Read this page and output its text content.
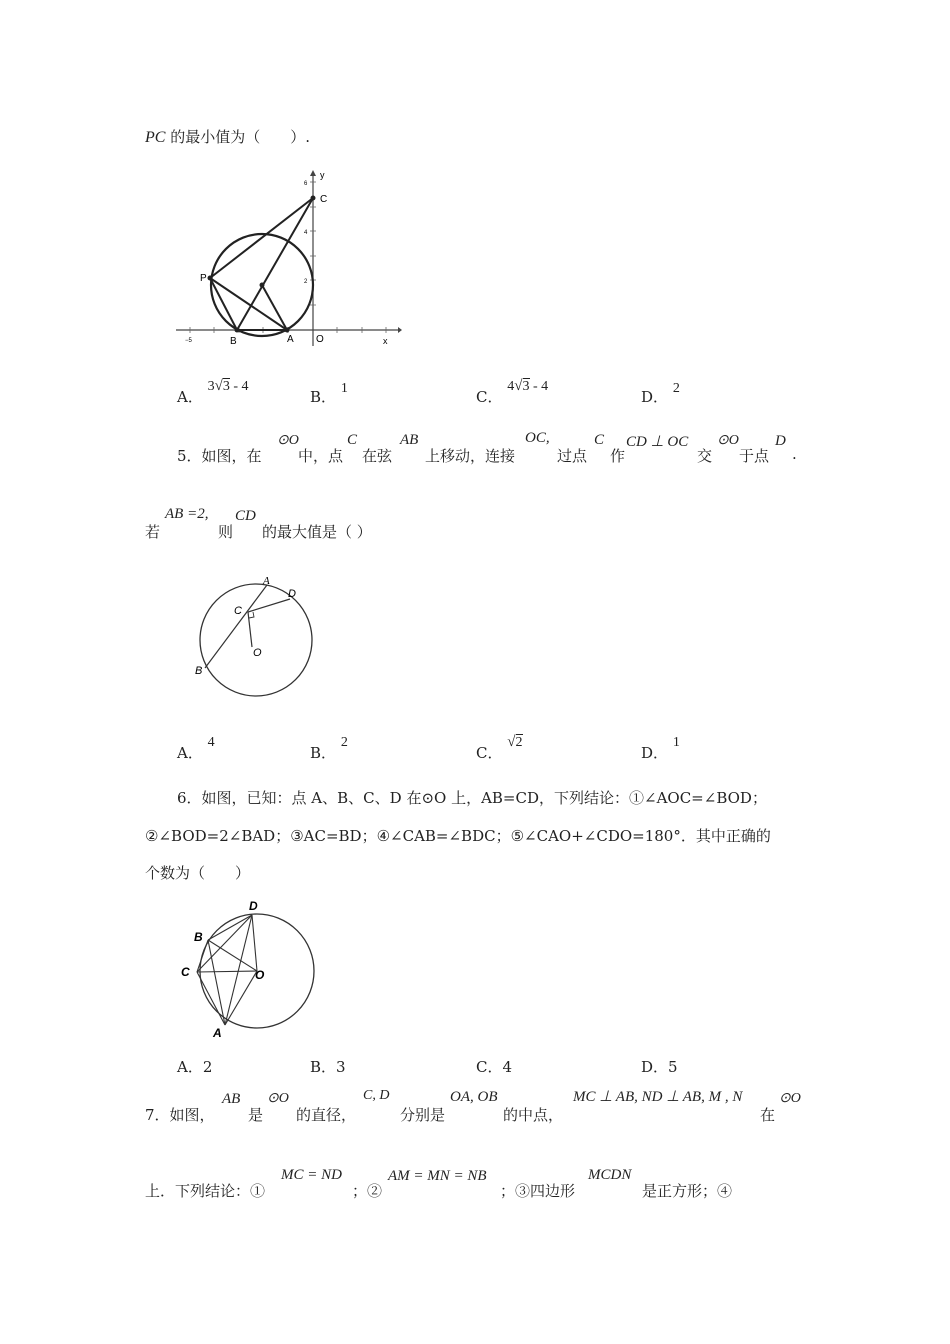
PC 的最小值为（　　）.
y
x
6
4
2
−5
C
P
B	A O
A． 3√3 - 4
B． 1	C． 4√3 - 4
D． 2
5．如图，在
⊙O
中，点
C
在弦
AB
上移动，连接
OC,
过点
C
作
CD ⊥ OC
交
⊙O
于点
D
.
若
AB =2,
则
CD
的最大值是（ ）
A
D
C
O
B
A． 4
B． 2
C． √2
D． 1
6．如图，已知：点 A、B、C、D 在⊙O 上，AB=CD，下列结论：①∠AOC=∠BOD；
②∠BOD=2∠BAD；③AC=BD；④∠CAB=∠BDC；⑤∠CAO+∠CDO=180°．其中正确的
个数为（　　）
D
B
C	O
A
A．2	B．3	C．4	D．5
7．如图，
AB
是
⊙O
的直径，
C, D
分别是
OA, OB
的中点，
MC ⊥ AB, ND ⊥ AB, M , N
在
⊙O
上．下列结论：①
MC = ND
；②
AM = MN = NB
；③四边形
MCDN
是正方形；④
